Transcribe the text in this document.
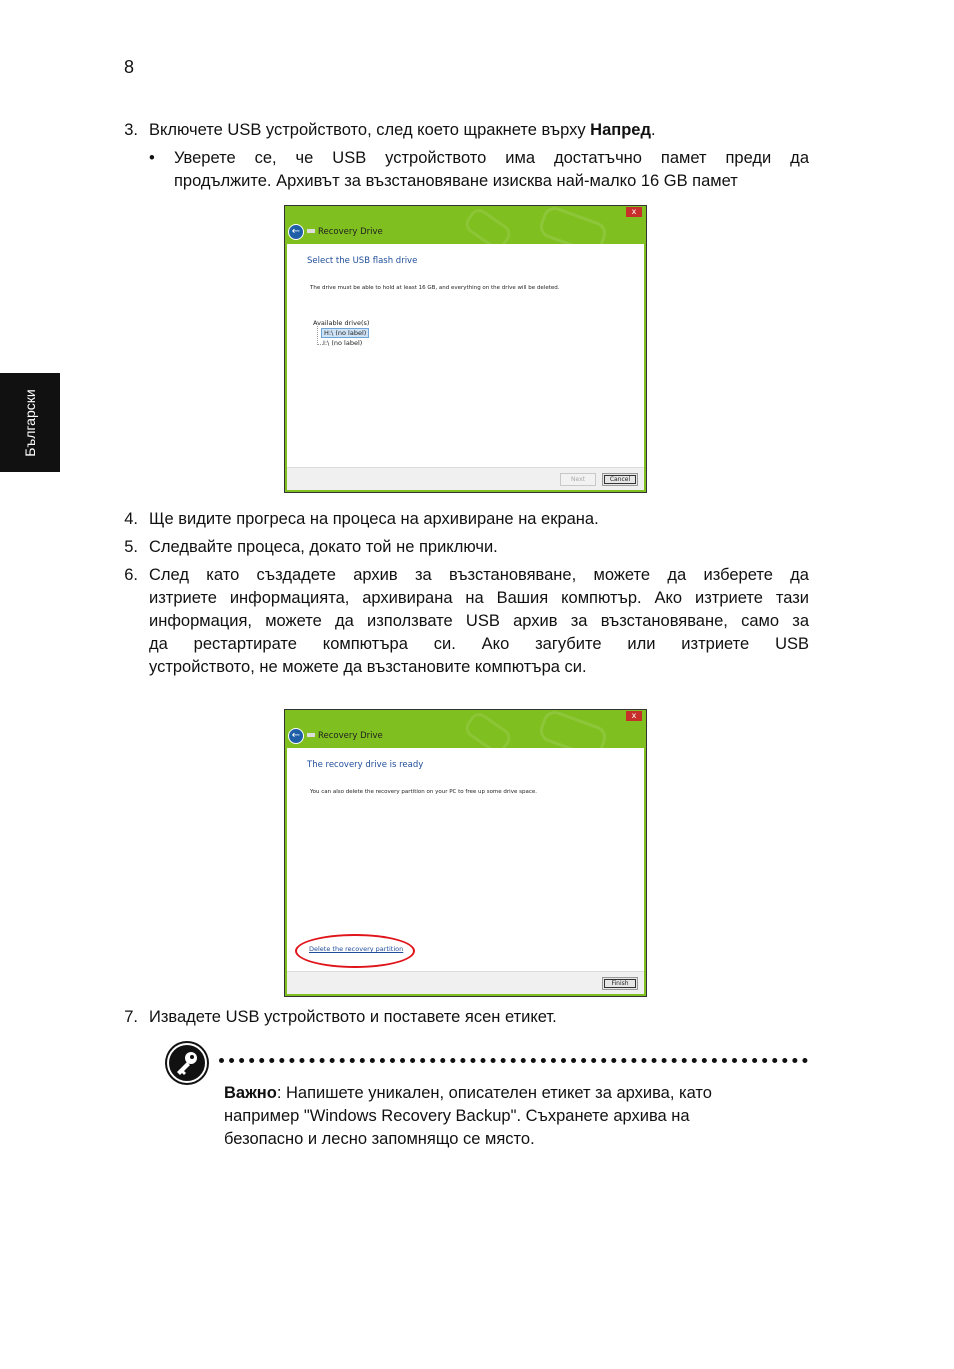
8
Български
3. Включете USB устройството, след което щракнете върху Напред.
• Уверете се, че USB устройството има достатъчно памет преди да
продължите. Архивът за възстановяване изисква най-малко 16 GB памет
x
←	Recovery Drive
Select the USB flash drive
The drive must be able to hold at least 16 GB, and everything on the drive will be deleted.
Available drive(s)
H:\ (no label)
I:\ (no label)
Next	Cancel
4. Ще видите прогреса на процеса на архивиране на екрана.
5. Следвайте процеса, докато той не приключи.
6. След като създадете архив за възстановяване, можете да изберете да
изтриете информацията, архивирана на Вашия компютър. Ако изтриете тази
информация, можете да използвате USB архив за възстановяване, само за
да рестартирате компютъра си. Ако загубите или изтриете USB
устройството, не можете да възстановите компютъра си.
x
←	Recovery Drive
The recovery drive is ready
You can also delete the recovery partition on your PC to free up some drive space.
Delete the recovery partition
Finish
7. Извадете USB устройството и поставете ясен етикет.
Важно: Напишете уникален, описателен етикет за архива, като
например "Windows Recovery Backup". Съхранете архива на
безопасно и лесно запомнящо се място.
